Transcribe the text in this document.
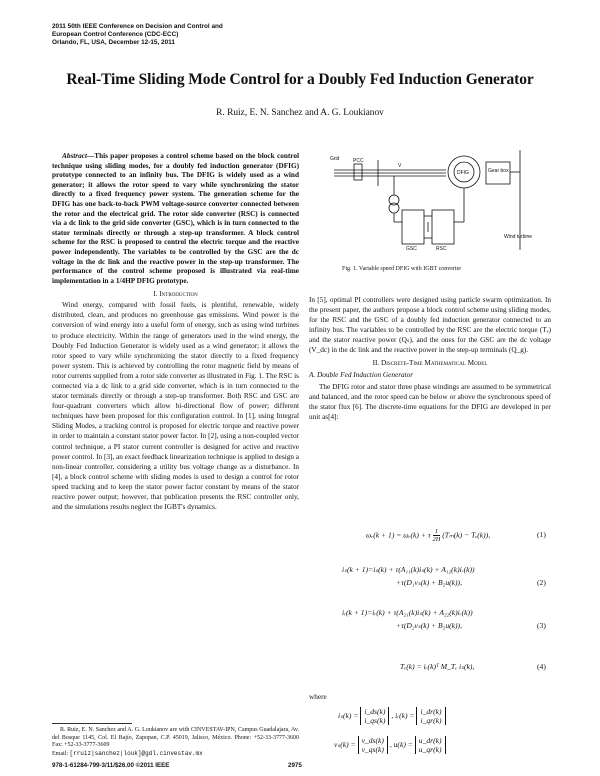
2011 50th IEEE Conference on Decision and Control and
European Control Conference (CDC-ECC)
Orlando, FL, USA, December 12-15, 2011
Real-Time Sliding Mode Control for a Doubly Fed Induction Generator
R. Ruiz, E. N. Sanchez and A. G. Loukianov

Abstract—This paper proposes a control scheme based on the block control technique using sliding modes, for a doubly fed induction generator (DFIG) prototype connected to an infinity bus. The DFIG is widely used as a wind generator; it allows the rotor speed to vary while synchronizing the stator directly to a fixed frequency power system. The generation scheme for the DFIG has one back-to-back PWM voltage-source converter connected between the rotor and the electrical grid. The rotor side converter (RSC) is connected via a dc link to the grid side converter (GSC), which is in turn connected to the stator terminals directly or through a step-up transformer. A block control scheme for the RSC is proposed to control the electric torque and the reactive power independently. The variables to be controlled by the GSC are the dc voltage in the dc link and the reactive power in the step-up transformer. The performance of the control scheme proposed is illustrated via real-time implementation in a 1/4HP DFIG prototype.

I. Introduction

Wind energy, compared with fossil fuels, is plentiful, renewable, widely distributed, clean, and produces no greenhouse gas emissions. Wind power is the conversion of wind energy into a useful form of energy, such as using wind turbines to produce electricity. Within the range of generators used in the wind energy, the Doubly Fed Induction Generator is widely used as a wind generator; it allows the rotor speed to vary while synchronizing the stator directly to a fixed frequency power system. This is achieved by controlling the rotor magnetic field by means of rotor currents supplied from a rotor side converter as illustrated in Fig. 1. The RSC is connected via a dc link to a grid side converter, which is in turn connected to the stator terminals directly or through a step-up transformer. Both RSC and GSC are four-quadrant converters which allow bi-directional flow of power; different techniques have been proposed for this configuration control. In [1], using Integral Sliding Modes, a tracking control is proposed for electric torque and reactive power in order to maintain a constant stator power factor. In [2], using a non-coupled vector control technique, a PI stator current controller is designed for active and reactive power control. In [3], an exact feedback linearization technique is applied to design a non-linear controller, considering a utility bus voltage change as a disturbance. In [4], a block control scheme with sliding modes is used to design a control for rotor speed tracking and to keep the stator power factor constant by means of the stator reactive power output; however, that publication presents the RSC controller only, and the simulations results neglect the IGBT's dynamics.

R. Ruiz, E. N. Sanchez and A. G. Loukianov are with CINVESTAV-IPN, Campus Guadalajara, Av. del Bosque 1145, Col. El Bajío, Zapopan, C.P. 45019, Jalisco, México. Phone: +52-33-3777-3600 Fax: +52-33-3777-3609
Email: [rruiz|sanchez|louk]@gdl.cinvestav.mx

978-1-61284-799-3/11/$26.00 ©2011 IEEE	2975
Grid	PCC
V
GSC	RSC
DFIG	Gear box
Wind turbine
Fig. 1. Variable speed DFIG with IGBT converter

In [5], optimal PI controllers were designed using particle swarm optimization. In the present paper, the authors propose a block control scheme using sliding modes, for the RSC and the GSC of a doubly fed induction generator connected to an infinity bus. The variables to be controlled by the RSC are the electric torque (Tₑ) and the stator reactive power (Qₛ), and the ones for the GSC are the dc voltage (V_dc) in the dc link and the reactive power in the step-up terminals (Q_g).

II. Discrete-Time Mathematical Model

A. Double Fed Induction Generator

The DFIG rotor and stator three phase windings are assumed to be symmetrical and balanced, and the rotor speed can be below or above the synchronous speed of the stator flux [6]. The discrete-time equations for the DFIG are developed in per unit as[4]:

ωᵣ(k + 1) = ωᵣ(k) + τ $\frac{1}{2H} (T_m(k) - T_e(k))$,	(1)
iₛ(k + 1)=iₛ(k) + τ(A₁₁(k)iₛ(k) + A₁₂(k)iᵣ(k))
+τ(D₁vₛ(k) + B₂u(k)),	(2)
iᵣ(k + 1)=iᵣ(k) + τ(A₂₁(k)iₛ(k) + A₂₂(k)iᵣ(k))
+τ(D₂vₛ(k) + B₂u(k)),	(3)
Tₑ(k) = iᵣ(k)ᵀ M_Tₑ iₛ(k),	(4)
where
iₛ(k) = i_ds(k)
i_qs(k) , iᵣ(k) = i_dr(k)
i_qr(k)
vₛ(k) = v_ds(k)
v_qs(k) , u(k) = u_dr(k)
u_qr(k)
